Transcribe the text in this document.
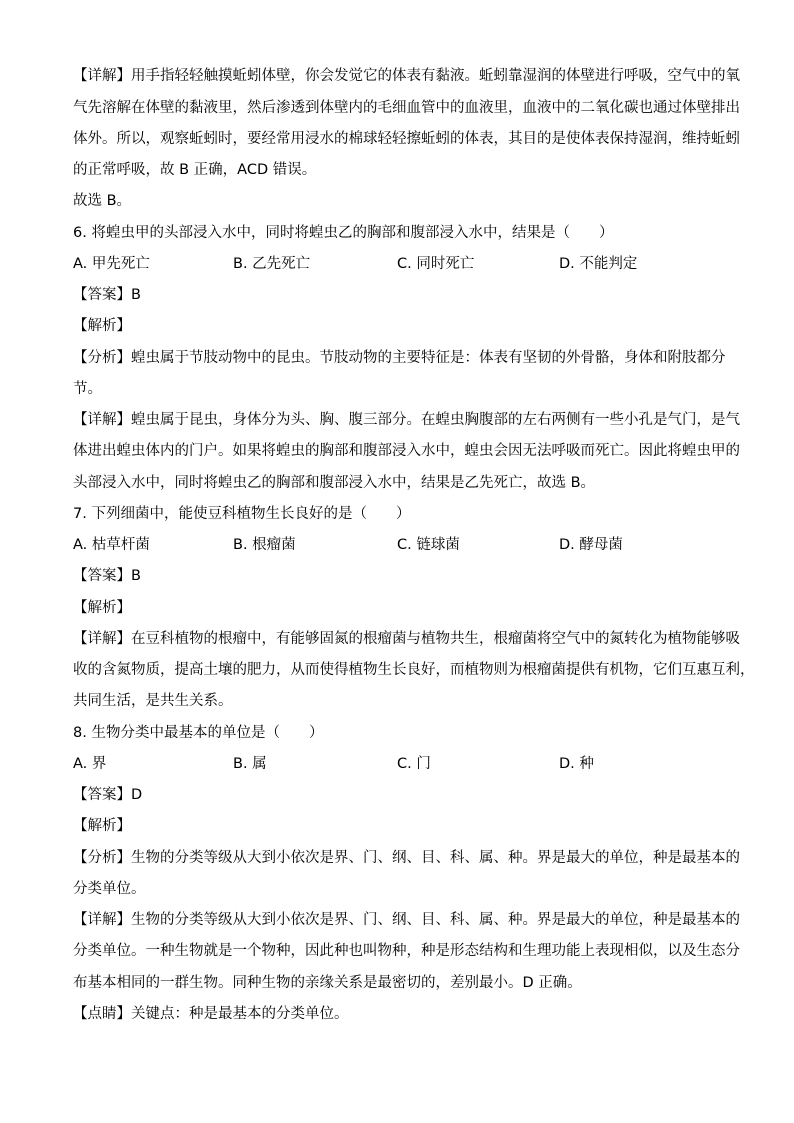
【详解】用手指轻轻触摸蚯蚓体壁，你会发觉它的体表有黏液。蚯蚓靠湿润的体壁进行呼吸，空气中的氧
气先溶解在体壁的黏液里，然后渗透到体壁内的毛细血管中的血液里，血液中的二氧化碳也通过体壁排出
体外。所以，观察蚯蚓时，要经常用浸水的棉球轻轻擦蚯蚓的体表，其目的是使体表保持湿润，维持蚯蚓
的正常呼吸，故 B 正确，ACD 错误。
故选 B。
6. 将蝗虫甲的头部浸入水中，同时将蝗虫乙的胸部和腹部浸入水中，结果是（　　）
A. 甲先死亡	B. 乙先死亡	C. 同时死亡	D. 不能判定
【答案】B
【解析】
【分析】蝗虫属于节肢动物中的昆虫。节肢动物的主要特征是：体表有坚韧的外骨骼，身体和附肢都分
节。
【详解】蝗虫属于昆虫，身体分为头、胸、腹三部分。在蝗虫胸腹部的左右两侧有一些小孔是气门，是气
体进出蝗虫体内的门户。如果将蝗虫的胸部和腹部浸入水中，蝗虫会因无法呼吸而死亡。因此将蝗虫甲的
头部浸入水中，同时将蝗虫乙的胸部和腹部浸入水中，结果是乙先死亡，故选 B。
7. 下列细菌中，能使豆科植物生长良好的是（　　）
A. 枯草杆菌	B. 根瘤菌	C. 链球菌	D. 酵母菌
【答案】B
【解析】
【详解】在豆科植物的根瘤中，有能够固氮的根瘤菌与植物共生，根瘤菌将空气中的氮转化为植物能够吸
收的含氮物质，提高土壤的肥力，从而使得植物生长良好，而植物则为根瘤菌提供有机物，它们互惠互利，
共同生活，是共生关系。
8. 生物分类中最基本的单位是（　　）
A. 界	B. 属	C. 门	D. 种
【答案】D
【解析】
【分析】生物的分类等级从大到小依次是界、门、纲、目、科、属、种。界是最大的单位，种是最基本的
分类单位。
【详解】生物的分类等级从大到小依次是界、门、纲、目、科、属、种。界是最大的单位，种是最基本的
分类单位。一种生物就是一个物种，因此种也叫物种，种是形态结构和生理功能上表现相似，以及生态分
布基本相同的一群生物。同种生物的亲缘关系是最密切的，差别最小。D 正确。
【点睛】关键点：种是最基本的分类单位。
